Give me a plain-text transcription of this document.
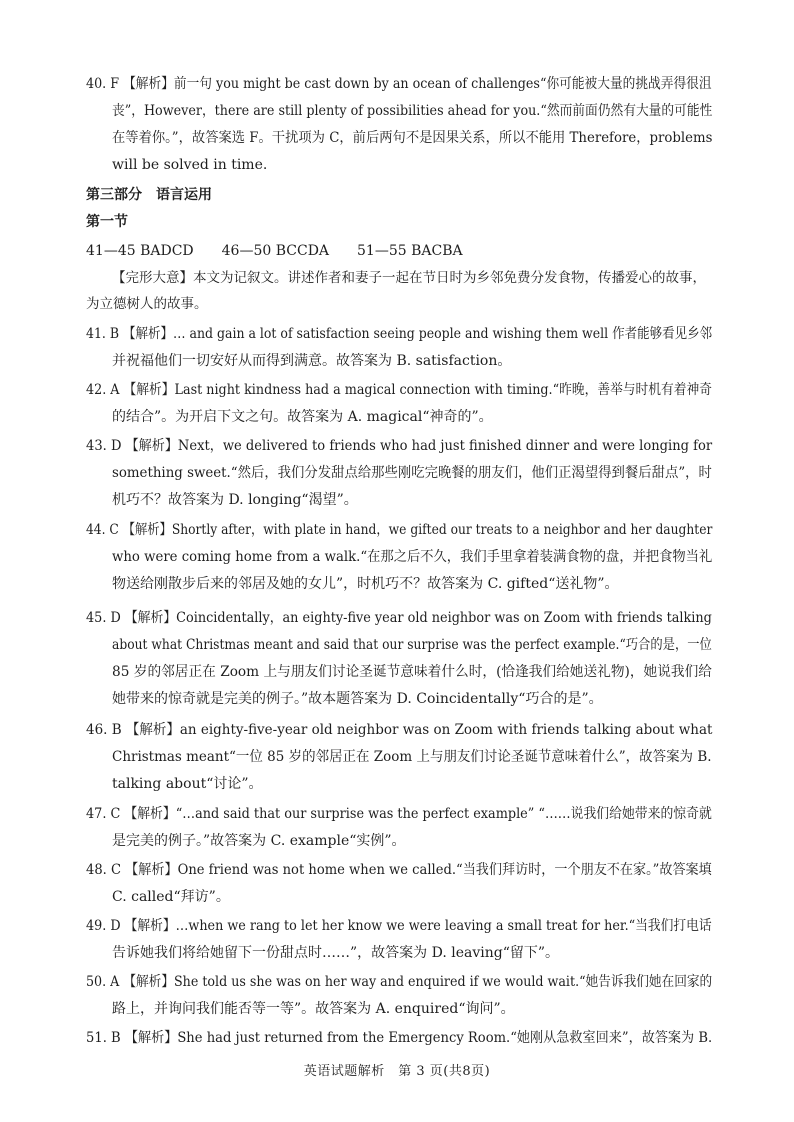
40. F 【解析】前一句 you might be cast down by an ocean of challenges“你可能被大量的挑战弄得很沮
丧”，However，there are still plenty of possibilities ahead for you.“然而前面仍然有大量的可能性
在等着你。”，故答案选 F。干扰项为 C，前后两句不是因果关系，所以不能用 Therefore，problems
will be solved in time.
第三部分　语言运用
第一节
41—45 BADCD　　46—50 BCCDA　　51—55 BACBA
【完形大意】本文为记叙文。讲述作者和妻子一起在节日时为乡邻免费分发食物，传播爱心的故事，
为立德树人的故事。
41. B 【解析】… and gain a lot of satisfaction seeing people and wishing them well 作者能够看见乡邻
并祝福他们一切安好从而得到满意。故答案为 B. satisfaction。
42. A 【解析】Last night kindness had a magical connection with timing.“昨晚，善举与时机有着神奇
的结合”。为开启下文之句。故答案为 A. magical“神奇的”。
43. D 【解析】Next，we delivered to friends who had just finished dinner and were longing for
something sweet.“然后，我们分发甜点给那些刚吃完晚餐的朋友们，他们正渴望得到餐后甜点”，时
机巧不？故答案为 D. longing“渴望”。
44. C 【解析】Shortly after，with plate in hand，we gifted our treats to a neighbor and her daughter
who were coming home from a walk.“在那之后不久，我们手里拿着装满食物的盘，并把食物当礼
物送给刚散步后来的邻居及她的女儿”，时机巧不？故答案为 C. gifted“送礼物”。
45. D 【解析】Coincidentally，an eighty-five year old neighbor was on Zoom with friends talking
about what Christmas meant and said that our surprise was the perfect example.“巧合的是，一位
85 岁的邻居正在 Zoom 上与朋友们讨论圣诞节意味着什么时，(恰逢我们给她送礼物)，她说我们给
她带来的惊奇就是完美的例子。”故本题答案为 D. Coincidentally“巧合的是”。
46. B 【解析】an eighty-five-year old neighbor was on Zoom with friends talking about what
Christmas meant“一位 85 岁的邻居正在 Zoom 上与朋友们讨论圣诞节意味着什么”，故答案为 B.
talking about“讨论”。
47. C 【解析】“…and said that our surprise was the perfect example” “……说我们给她带来的惊奇就
是完美的例子。”故答案为 C. example“实例”。
48. C 【解析】One friend was not home when we called.“当我们拜访时，一个朋友不在家。”故答案填
C. called“拜访”。
49. D 【解析】…when we rang to let her know we were leaving a small treat for her.“当我们打电话
告诉她我们将给她留下一份甜点时……”，故答案为 D. leaving“留下”。
50. A 【解析】She told us she was on her way and enquired if we would wait.“她告诉我们她在回家的
路上，并询问我们能否等一等”。故答案为 A. enquired“询问”。
51. B 【解析】She had just returned from the Emergency Room.“她刚从急救室回来”，故答案为 B.
英语试题解析　第 3 页(共8页)
